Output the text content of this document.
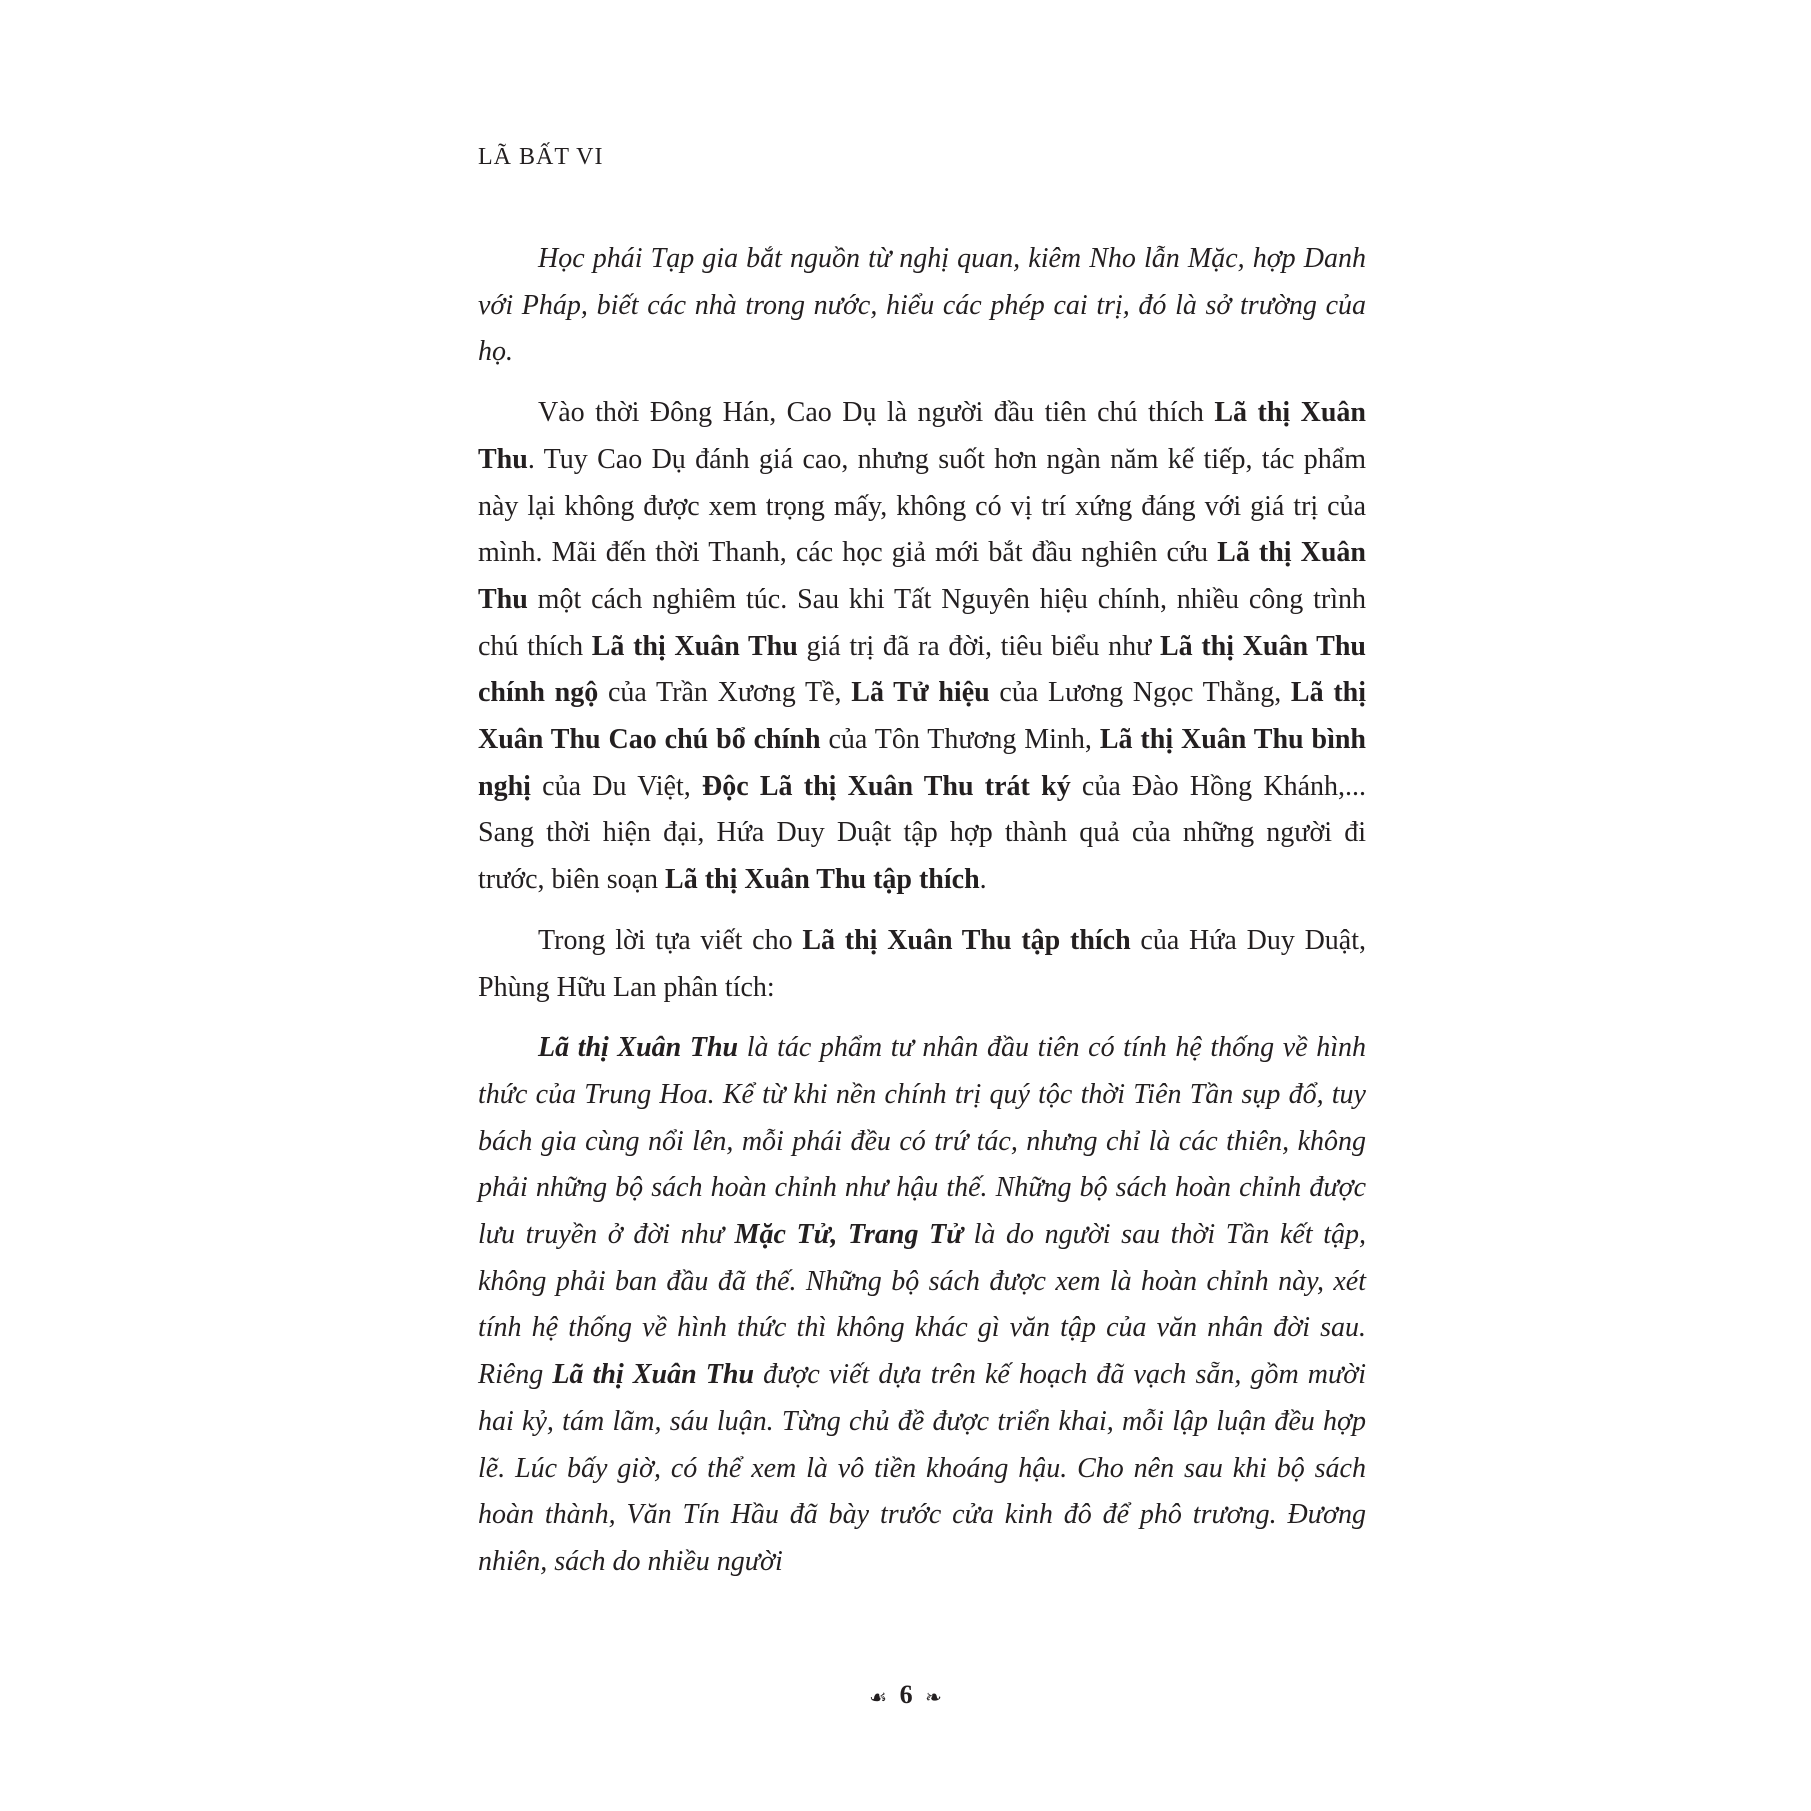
LÃ BẤT VI

Học phái Tạp gia bắt nguồn từ nghị quan, kiêm Nho lẫn Mặc, hợp Danh với Pháp, biết các nhà trong nước, hiểu các phép cai trị, đó là sở trường của họ.

Vào thời Đông Hán, Cao Dụ là người đầu tiên chú thích Lã thị Xuân Thu. Tuy Cao Dụ đánh giá cao, nhưng suốt hơn ngàn năm kế tiếp, tác phẩm này lại không được xem trọng mấy, không có vị trí xứng đáng với giá trị của mình. Mãi đến thời Thanh, các học giả mới bắt đầu nghiên cứu Lã thị Xuân Thu một cách nghiêm túc. Sau khi Tất Nguyên hiệu chính, nhiều công trình chú thích Lã thị Xuân Thu giá trị đã ra đời, tiêu biểu như Lã thị Xuân Thu chính ngộ của Trần Xương Tề, Lã Tử hiệu của Lương Ngọc Thằng, Lã thị Xuân Thu Cao chú bổ chính của Tôn Thương Minh, Lã thị Xuân Thu bình nghị của Du Việt, Độc Lã thị Xuân Thu trát ký của Đào Hồng Khánh,... Sang thời hiện đại, Hứa Duy Duật tập hợp thành quả của những người đi trước, biên soạn Lã thị Xuân Thu tập thích.

Trong lời tựa viết cho Lã thị Xuân Thu tập thích của Hứa Duy Duật, Phùng Hữu Lan phân tích:

Lã thị Xuân Thu là tác phẩm tư nhân đầu tiên có tính hệ thống về hình thức của Trung Hoa. Kể từ khi nền chính trị quý tộc thời Tiên Tần sụp đổ, tuy bách gia cùng nổi lên, mỗi phái đều có trứ tác, nhưng chỉ là các thiên, không phải những bộ sách hoàn chỉnh như hậu thế. Những bộ sách hoàn chỉnh được lưu truyền ở đời như Mặc Tử, Trang Tử là do người sau thời Tần kết tập, không phải ban đầu đã thế. Những bộ sách được xem là hoàn chỉnh này, xét tính hệ thống về hình thức thì không khác gì văn tập của văn nhân đời sau. Riêng Lã thị Xuân Thu được viết dựa trên kế hoạch đã vạch sẵn, gồm mười hai kỷ, tám lãm, sáu luận. Từng chủ đề được triển khai, mỗi lập luận đều hợp lẽ. Lúc bấy giờ, có thể xem là vô tiền khoáng hậu. Cho nên sau khi bộ sách hoàn thành, Văn Tín Hầu đã bày trước cửa kinh đô để phô trương. Đương nhiên, sách do nhiều người

☙ 6 ❧
